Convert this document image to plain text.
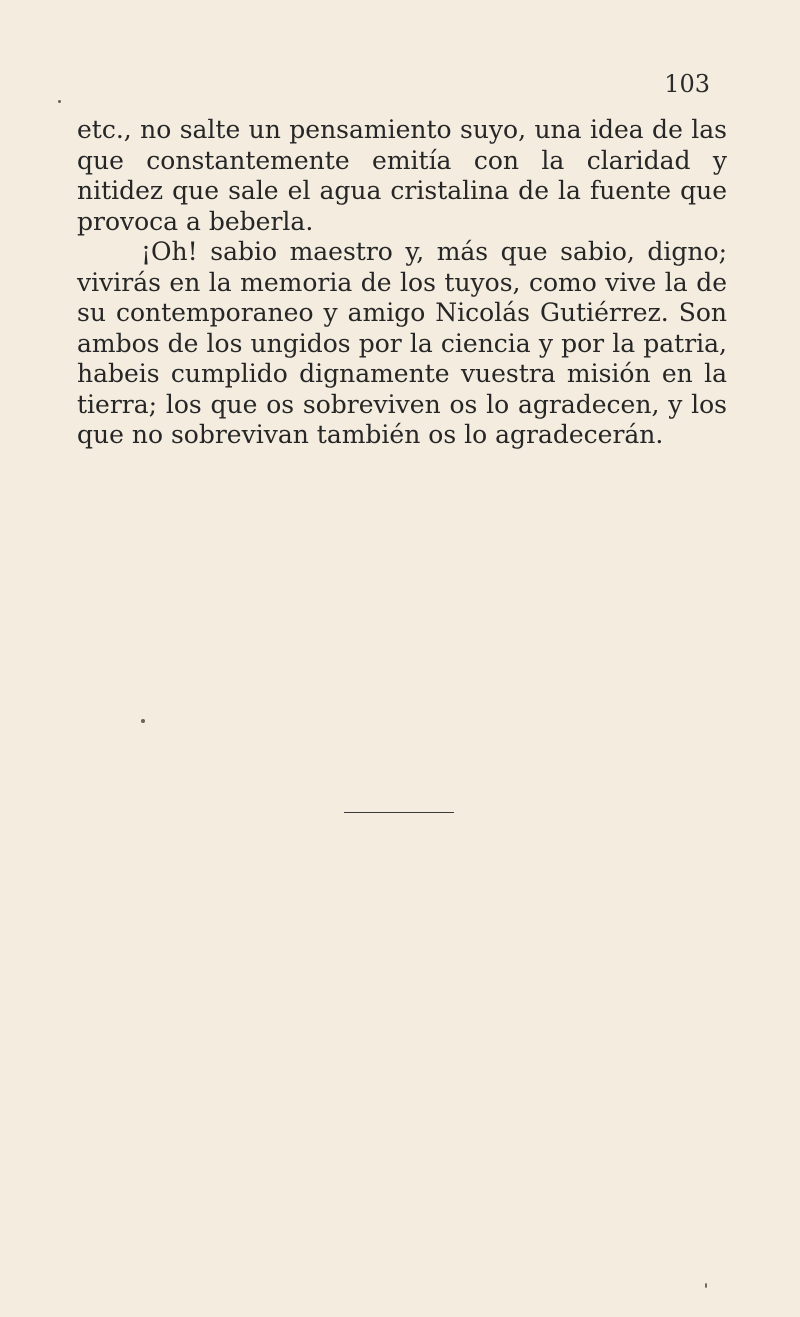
103

etc., no salte un pensamiento suyo, una idea de las que constantemente emitía con la claridad y nitidez que sale el agua cristalina de la fuente que provoca a beberla.

¡Oh! sabio maestro y, más que sabio, digno; vivirás en la memoria de los tuyos, como vive la de su contemporaneo y amigo Nicolás Gutiérrez. Son ambos de los ungidos por la ciencia y por la patria, habeis cumplido dignamente vuestra misión en la tierra; los que os sobreviven os lo agradecen, y los que no sobrevivan también os lo agradecerán.
